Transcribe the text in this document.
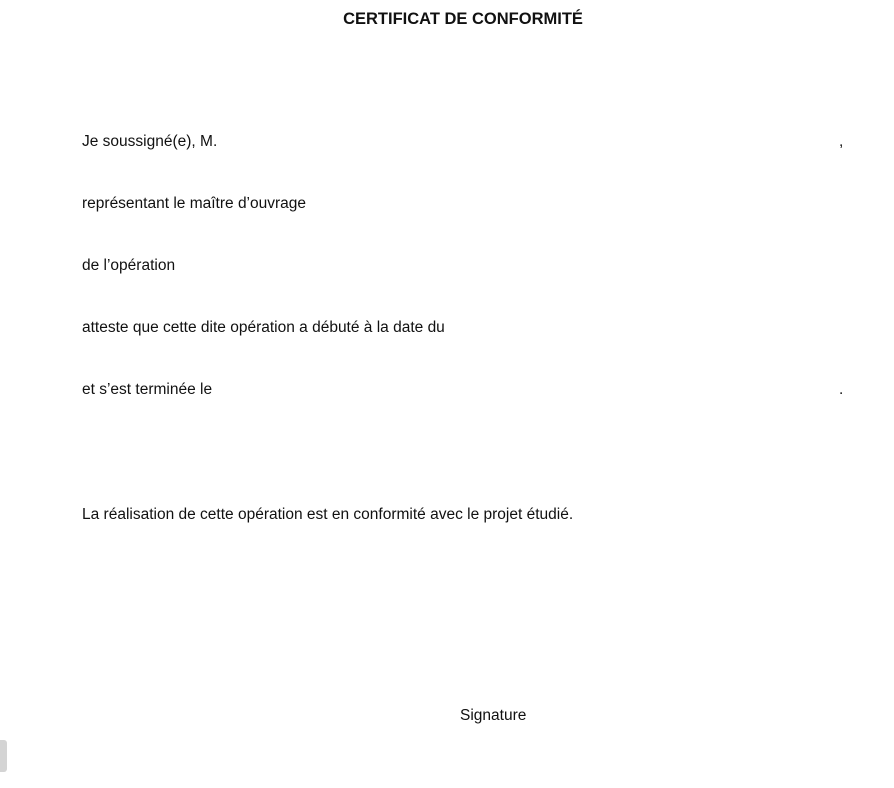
CERTIFICAT DE CONFORMITÉ
Je soussigné(e), M.	,
représentant le maître d’ouvrage
de l’opération
atteste que cette dite opération a débuté à la date du
et s’est terminée le	.
La réalisation de cette opération est en conformité avec le projet étudié.
Signature
